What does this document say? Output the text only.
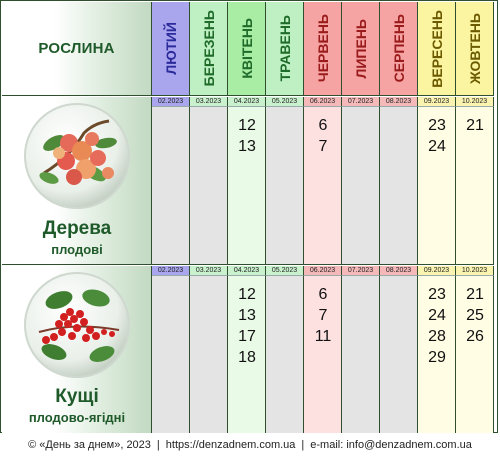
РОСЛИНА
Дерева
плодові
Кущі
плодово-ягідні
ЛЮТИЙ
02.2023
02.2023
БЕРЕЗЕНЬ
03.2023
03.2023
КВІТЕНЬ
04.2023
12
13
04.2023
12
13
17
18
ТРАВЕНЬ
05.2023
05.2023
ЧЕРВЕНЬ
06.2023
6
7
06.2023
6
7
11
ЛИПЕНЬ
07.2023
07.2023
СЕРПЕНЬ
08.2023
08.2023
ВЕРЕСЕНЬ
09.2023
23
24
09.2023
23
24
28
29
ЖОВТЕНЬ
10.2023
21
10.2023
21
25
26
© «День за днем», 2023 | https://denzadnem.com.ua | e-mail: info@denzadnem.com.ua
